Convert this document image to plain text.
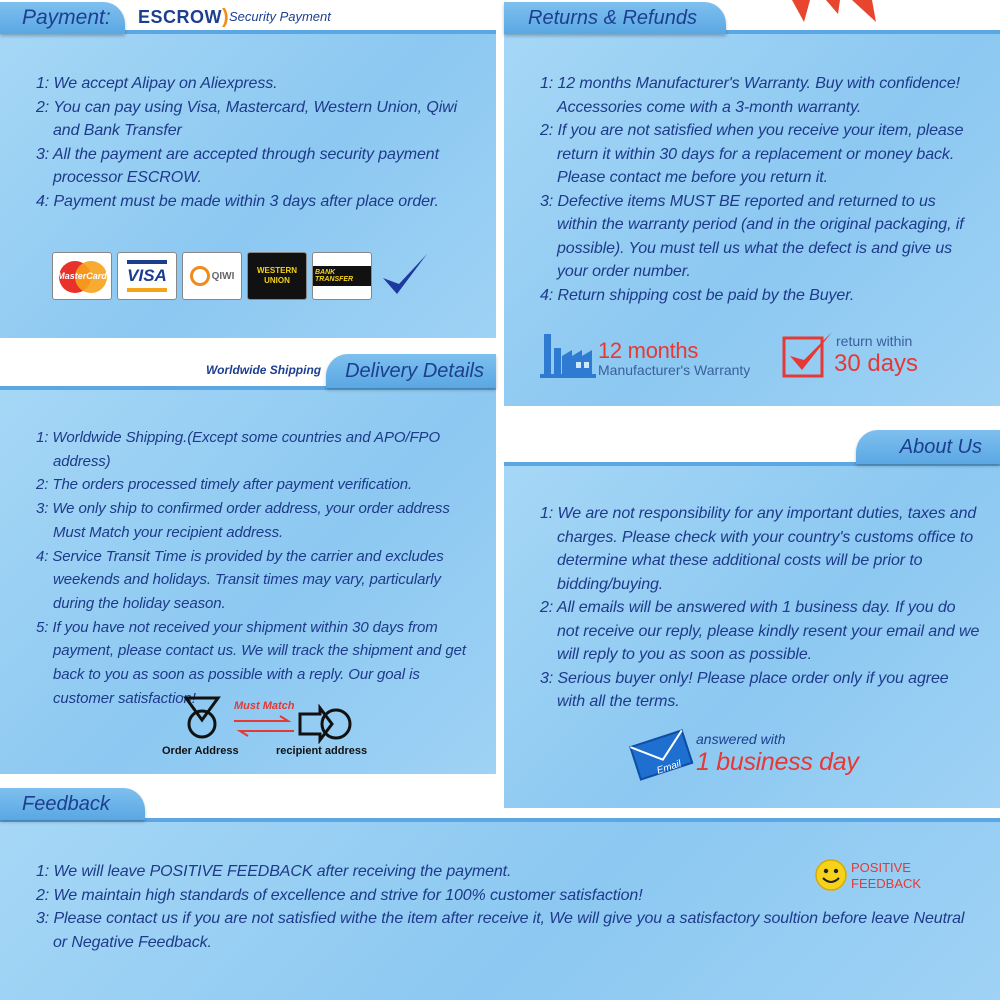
Payment: ESCROW) Security Payment
1: We accept Alipay on Aliexpress.
2: You can pay using Visa, Mastercard, Western Union, Qiwi and Bank Transfer
3: All the payment are accepted through security payment processor ESCROW.
4: Payment must be made within 3 days after place order.
MasterCard VISA	QIWI	WESTERN UNION
BANK TRANSFER
Returns & Refunds
1: 12 months Manufacturer's Warranty. Buy with confidence! Accessories come with a 3-month warranty.
2: If you are not satisfied when you receive your item, please return it within 30 days for a replacement or money back. Please contact me before you return it.
3: Defective items MUST BE reported and returned to us within the warranty period (and in the original packaging, if possible). You must tell us what the defect is and give us your order number.
4: Return shipping cost be paid by the Buyer.
12 months
Manufacturer's Warranty
return within
30 days
Worldwide Shipping Delivery Details
1: Worldwide Shipping.(Except some countries and APO/FPO address)
2: The orders processed timely after payment verification.
3: We only ship to confirmed order address, your order address Must Match your recipient address.
4: Service Transit Time is provided by the carrier and excludes weekends and holidays. Transit times may vary, particularly during the holiday season.
5: If you have not received your shipment within 30 days from payment, please contact us. We will track the shipment and get back to you as soon as possible with a reply. Our goal is customer satisfaction!
Order Address
Must Match
recipient address
About Us
1: We are not responsibility for any important duties, taxes and charges. Please check with your country's customs office to determine what these additional costs will be prior to bidding/buying.
2: All emails will be answered with 1 business day. If you do not receive our reply, please kindly resent your email and we will reply to you as soon as possible.
3: Serious buyer only! Please place order only if you agree with all the terms.
Email
answered with
1 business day
Feedback
1: We will leave POSITIVE FEEDBACK after receiving the payment.
2: We maintain high standards of excellence and strive for 100% customer satisfaction!
3: Please contact us if you are not satisfied withe the item after receive it, We will give you a satisfactory soultion before leave Neutral or Negative Feedback.
POSITIVE
FEEDBACK
